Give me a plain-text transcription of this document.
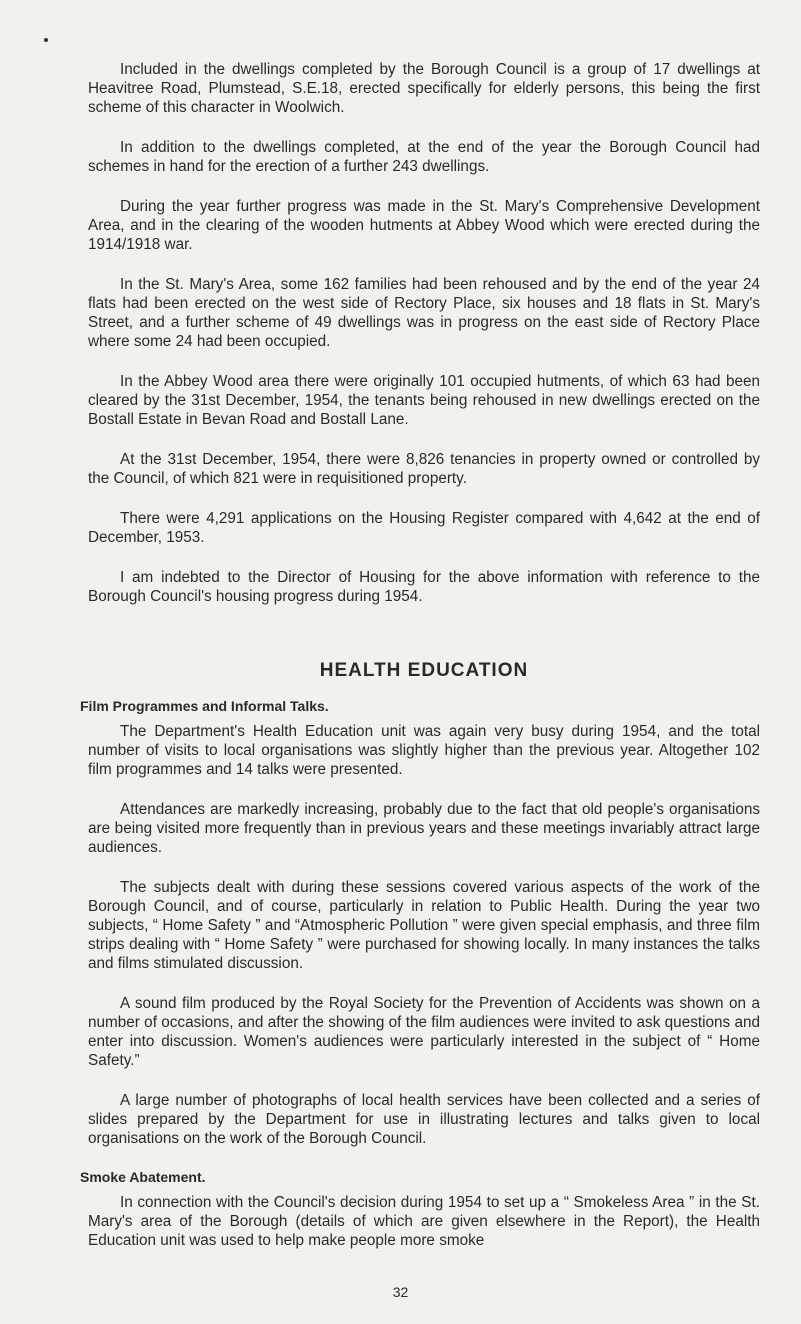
Included in the dwellings completed by the Borough Council is a group of 17 dwellings at Heavitree Road, Plumstead, S.E.18, erected specifically for elderly persons, this being the first scheme of this character in Woolwich.

In addition to the dwellings completed, at the end of the year the Borough Council had schemes in hand for the erection of a further 243 dwellings.

During the year further progress was made in the St. Mary's Comprehensive Development Area, and in the clearing of the wooden hutments at Abbey Wood which were erected during the 1914/1918 war.

In the St. Mary's Area, some 162 families had been rehoused and by the end of the year 24 flats had been erected on the west side of Rectory Place, six houses and 18 flats in St. Mary's Street, and a further scheme of 49 dwellings was in progress on the east side of Rectory Place where some 24 had been occupied.

In the Abbey Wood area there were originally 101 occupied hutments, of which 63 had been cleared by the 31st December, 1954, the tenants being rehoused in new dwellings erected on the Bostall Estate in Bevan Road and Bostall Lane.

At the 31st December, 1954, there were 8,826 tenancies in property owned or controlled by the Council, of which 821 were in requisitioned property.

There were 4,291 applications on the Housing Register compared with 4,642 at the end of December, 1953.

I am indebted to the Director of Housing for the above information with reference to the Borough Council's housing progress during 1954.

HEALTH EDUCATION
Film Programmes and Informal Talks.

The Department's Health Education unit was again very busy during 1954, and the total number of visits to local organisations was slightly higher than the previous year. Altogether 102 film programmes and 14 talks were presented.

Attendances are markedly increasing, probably due to the fact that old people's organisations are being visited more frequently than in previous years and these meetings invariably attract large audiences.

The subjects dealt with during these sessions covered various aspects of the work of the Borough Council, and of course, particularly in relation to Public Health. During the year two subjects, “ Home Safety ” and “Atmospheric Pollution ” were given special emphasis, and three film strips dealing with “ Home Safety ” were purchased for showing locally. In many instances the talks and films stimulated discussion.

A sound film produced by the Royal Society for the Prevention of Accidents was shown on a number of occasions, and after the showing of the film audiences were invited to ask questions and enter into discussion. Women's audiences were particularly interested in the subject of “ Home Safety.”

A large number of photographs of local health services have been collected and a series of slides prepared by the Department for use in illustrating lectures and talks given to local organisations on the work of the Borough Council.

Smoke Abatement.

In connection with the Council's decision during 1954 to set up a “ Smokeless Area ” in the St. Mary's area of the Borough (details of which are given elsewhere in the Report), the Health Education unit was used to help make people more smoke

32
